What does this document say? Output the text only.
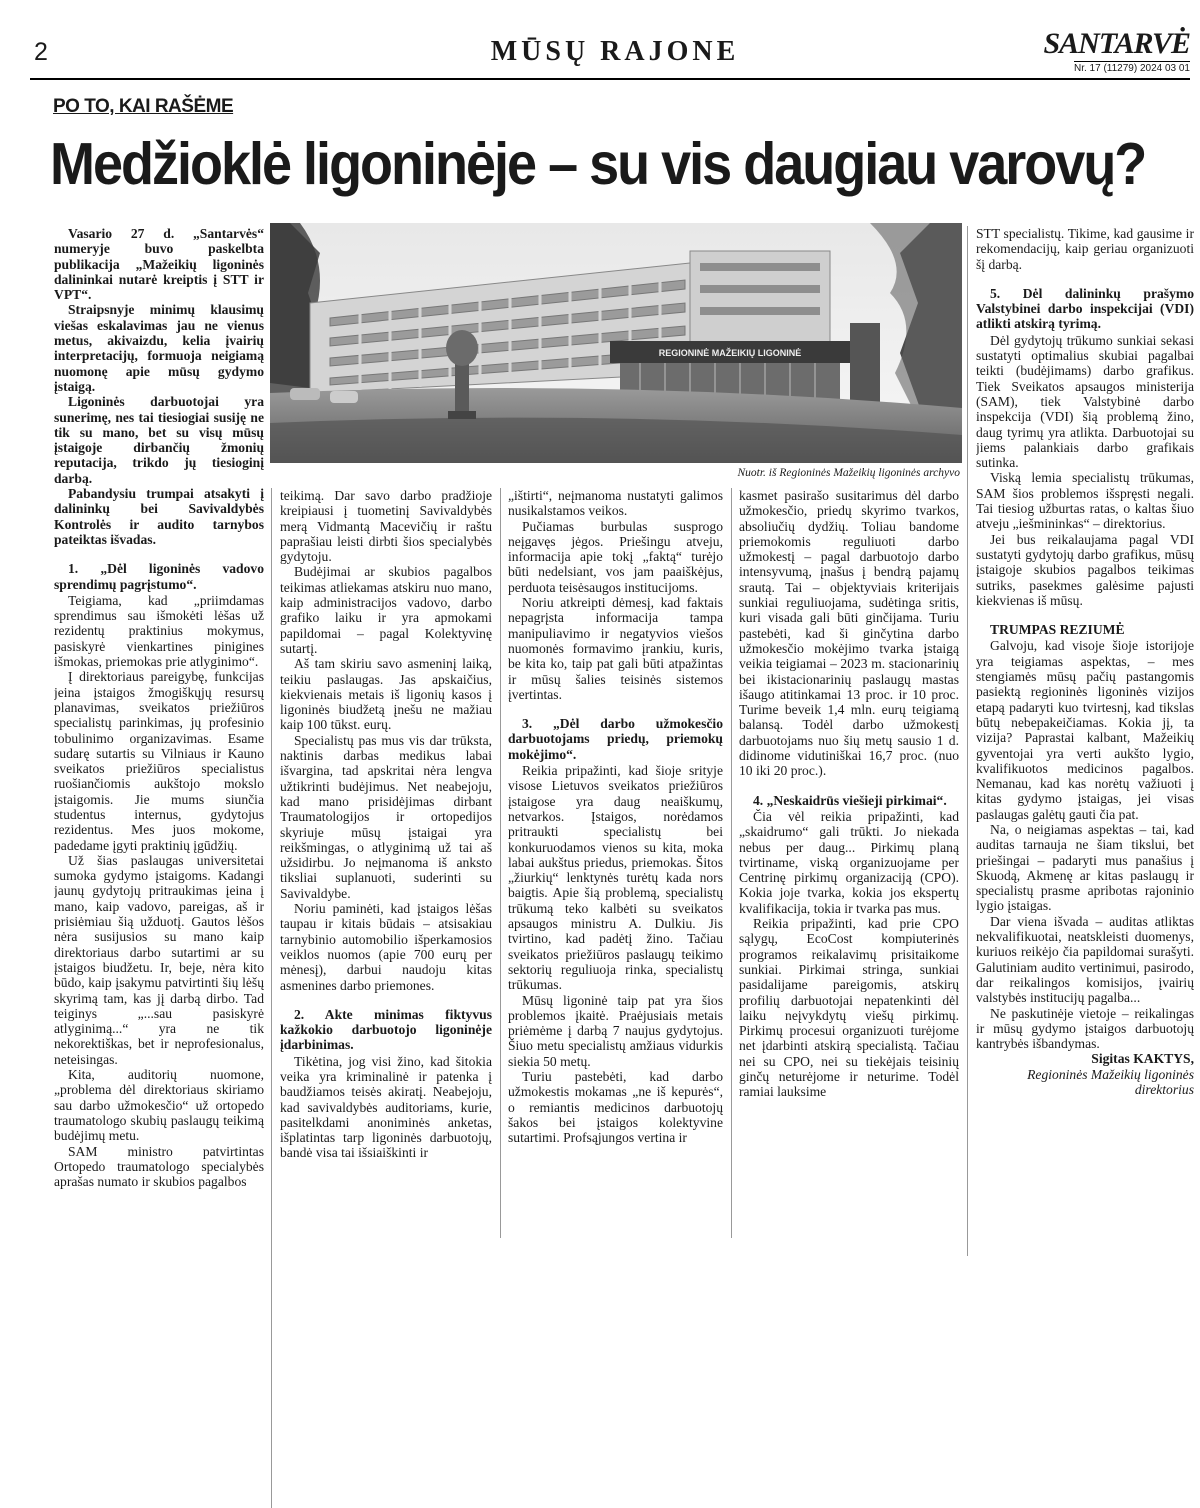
2	MŪSŲ RAJONE	SANTARVĖ
Nr. 17 (11279) 2024 03 01
PO TO, KAI RAŠĖME
Medžioklė ligoninėje – su vis daugiau varovų?

Vasario 27 d. „Santarvės“ numeryje buvo paskelbta publikacija „Mažeikių ligoninės dalininkai nutarė kreiptis į STT ir VPT“.

Straipsnyje minimų klausimų viešas eskalavimas jau ne vienus metus, akivaizdu, kelia įvairių interpretacijų, formuoja neigiamą nuomonę apie mūsų gydymo įstaigą.

Ligoninės darbuotojai yra sunerimę, nes tai tiesiogiai susiję ne tik su mano, bet su visų mūsų įstaigoje dirbančių žmonių reputacija, trikdo jų tiesioginį darbą.

Pabandysiu trumpai atsakyti į dalininkų bei Savivaldybės Kontrolės ir audito tarnybos pateiktas išvadas.

1. „Dėl ligoninės vadovo sprendimų pagrįstumo“.

Teigiama, kad „priimdamas sprendimus sau išmokėti lėšas už rezidentų praktinius mokymus, pasiskyrė vienkartines pinigines išmokas, priemokas prie atlyginimo“.

Į direktoriaus pareigybę, funkcijas jeina įstaigos žmogiškųjų resursų planavimas, sveikatos priežiūros specialistų parinkimas, jų profesinio tobulinimo organizavimas. Esame sudarę sutartis su Vilniaus ir Kauno sveikatos priežiūros specialistus ruošiančiomis aukštojo mokslo įstaigomis. Jie mums siunčia studentus internus, gydytojus rezidentus. Mes juos mokome, padedame įgyti praktinių įgūdžių.

Už šias paslaugas universitetai sumoka gydymo įstaigoms. Kadangi jaunų gydytojų pritraukimas įeina į mano, kaip vadovo, pareigas, aš ir prisiėmiau šią užduotį. Gautos lėšos nėra susijusios su mano kaip direktoriaus darbo sutartimi ar su įstaigos biudžetu. Ir, beje, nėra kito būdo, kaip įsakymu patvirtinti šių lėšų skyrimą tam, kas jį darbą dirbo. Tad teiginys „...sau pasiskyrė atlyginimą...“ yra ne tik nekorektiškas, bet ir neprofesionalus, neteisingas.

Kita, auditorių nuomone, „problema dėl direktoriaus skiriamo sau darbo užmokesčio“ už ortopedo traumatologo skubių paslaugų teikimą budėjimų metu.

SAM ministro patvirtintas Ortopedo traumatologo specialybės aprašas numato ir skubios pagalbos

REGIONINĖ MAŽEIKIŲ LIGONINĖ
Nuotr. iš Regioninės Mažeikių ligoninės archyvo

teikimą. Dar savo darbo pradžioje kreipiausi į tuometinį Savivaldybės merą Vidmantą Macevičių ir raštu paprašiau leisti dirbti šios specialybės gydytoju.

Budėjimai ar skubios pagalbos teikimas atliekamas atskiru nuo mano, kaip administracijos vadovo, darbo grafiko laiku ir yra apmokami papildomai – pagal Kolektyvinę sutartį.

Aš tam skiriu savo asmeninį laiką, teikiu paslaugas. Jas apskaičius, kiekvienais metais iš ligonių kasos į ligoninės biudžetą įnešu ne mažiau kaip 100 tūkst. eurų.

Specialistų pas mus vis dar trūksta, naktinis darbas medikus labai išvargina, tad apskritai nėra lengva užtikrinti budėjimus. Net neabejoju, kad mano prisidėjimas dirbant Traumatologijos ir ortopedijos skyriuje mūsų įstaigai yra reikšmingas, o atlyginimą už tai aš užsidirbu. Jo neįmanoma iš anksto tiksliai suplanuoti, suderinti su Savivaldybe.

Noriu paminėti, kad įstaigos lėšas taupau ir kitais būdais – atsisakiau tarnybinio automobilio išperkamosios veiklos nuomos (apie 700 eurų per mėnesį), darbui naudoju kitas asmenines darbo priemones.

2. Akte minimas fiktyvus kažkokio darbuotojo ligoninėje įdarbinimas.

Tikėtina, jog visi žino, kad šitokia veika yra kriminalinė ir patenka į baudžiamos teisės akiratį. Neabejoju, kad savivaldybės auditoriams, kurie, pasitelkdami anoniminės anketas, išplatintas tarp ligoninės darbuotojų, bandė visa tai išsiaiškinti ir

„ištirti“, neįmanoma nustatyti galimos nusikalstamos veikos.

Pučiamas burbulas susprogo neįgavęs jėgos. Priešingu atveju, informacija apie tokį „faktą“ turėjo būti nedelsiant, vos jam paaiškėjus, perduota teisėsaugos institucijoms.

Noriu atkreipti dėmesį, kad faktais nepagrįsta informacija tampa manipuliavimo ir negatyvios viešos nuomonės formavimo įrankiu, kuris, be kita ko, taip pat gali būti atpažintas ir mūsų šalies teisinės sistemos įvertintas.

3. „Dėl darbo užmokesčio darbuotojams priedų, priemokų mokėjimo“.

Reikia pripažinti, kad šioje srityje visose Lietuvos sveikatos priežiūros įstaigose yra daug neaiškumų, netvarkos. Įstaigos, norėdamos pritraukti specialistų bei konkuruodamos vienos su kita, moka labai aukštus priedus, priemokas. Šitos „žiurkių“ lenktynės turėtų kada nors baigtis. Apie šią problemą, specialistų trūkumą teko kalbėti su sveikatos apsaugos ministru A. Dulkiu. Jis tvirtino, kad padėtį žino. Tačiau sveikatos priežiūros paslaugų teikimo sektorių reguliuoja rinka, specialistų trūkumas.

Mūsų ligoninė taip pat yra šios problemos įkaitė. Praėjusiais metais priėmėme į darbą 7 naujus gydytojus. Šiuo metu specialistų amžiaus vidurkis siekia 50 metų.

Turiu pastebėti, kad darbo užmokestis mokamas „ne iš kepurės“, o remiantis medicinos darbuotojų šakos bei įstaigos kolektyvine sutartimi. Profsąjungos vertina ir

kasmet pasirašo susitarimus dėl darbo užmokesčio, priedų skyrimo tvarkos, absoliučių dydžių. Toliau bandome priemokomis reguliuoti darbo užmokestį – pagal darbuotojo darbo intensyvumą, įnašus į bendrą pajamų srautą. Tai – objektyviais kriterijais sunkiai reguliuojama, sudėtinga sritis, kuri visada gali būti ginčijama. Turiu pastebėti, kad ši ginčytina darbo užmokesčio mokėjimo tvarka įstaigą veikia teigiamai – 2023 m. stacionarinių bei ikistacionarinių paslaugų mastas išaugo atitinkamai 13 proc. ir 10 proc. Turime beveik 1,4 mln. eurų teigiamą balansą. Todėl darbo užmokestį darbuotojams nuo šių metų sausio 1 d. didinome vidutiniškai 16,7 proc. (nuo 10 iki 20 proc.).

4. „Neskaidrūs viešieji pirkimai“.

Čia vėl reikia pripažinti, kad „skaidrumo“ gali trūkti. Jo niekada nebus per daug... Pirkimų planą tvirtiname, viską organizuojame per Centrinę pirkimų organizaciją (CPO). Kokia joje tvarka, kokia jos ekspertų kvalifikacija, tokia ir tvarka pas mus.

Reikia pripažinti, kad prie CPO sąlygų, EcoCost kompiuterinės programos reikalavimų prisitaikome sunkiai. Pirkimai stringa, sunkiai pasidalijame pareigomis, atskirų profilių darbuotojai nepatenkinti dėl laiku neįvykdytų viešų pirkimų. Pirkimų procesui organizuoti turėjome net įdarbinti atskirą specialistą. Tačiau nei su CPO, nei su tiekėjais teisinių ginčų neturėjome ir neturime. Todėl ramiai lauksime

STT specialistų. Tikime, kad gausime ir rekomendacijų, kaip geriau organizuoti šį darbą.

5. Dėl dalininkų prašymo Valstybinei darbo inspekcijai (VDI) atlikti atskirą tyrimą.

Dėl gydytojų trūkumo sunkiai sekasi sustatyti optimalius skubiai pagalbai teikti (budėjimams) darbo grafikus. Tiek Sveikatos apsaugos ministerija (SAM), tiek Valstybinė darbo inspekcija (VDI) šią problemą žino, daug tyrimų yra atlikta. Darbuotojai su jiems palankiais darbo grafikais sutinka.

Viską lemia specialistų trūkumas, SAM šios problemos išspręsti negali. Tai tiesiog užburtas ratas, o kaltas šiuo atveju „iešmininkas“ – direktorius.

Jei bus reikalaujama pagal VDI sustatyti gydytojų darbo grafikus, mūsų įstaigoje skubios pagalbos teikimas sutriks, pasekmes galėsime pajusti kiekvienas iš mūsų.

TRUMPAS REZIUMĖ

Galvoju, kad visoje šioje istorijoje yra teigiamas aspektas, – mes stengiamės mūsų pačių pastangomis pasiektą regioninės ligoninės vizijos etapą padaryti kuo tvirtesnį, kad tikslas būtų nebepakeičiamas. Kokia jį, ta vizija? Paprastai kalbant, Mažeikių gyventojai yra verti aukšto lygio, kvalifikuotos medicinos pagalbos. Nemanau, kad kas norėtų važiuoti į kitas gydymo įstaigas, jei visas paslaugas galėtų gauti čia pat.

Na, o neigiamas aspektas – tai, kad auditas tarnauja ne šiam tikslui, bet priešingai – padaryti mus panašius į Skuodą, Akmenę ar kitas paslaugų ir specialistų prasme apribotas rajoninio lygio įstaigas.

Dar viena išvada – auditas atliktas nekvalifikuotai, neatskleisti duomenys, kuriuos reikėjo čia papildomai surašyti. Galutiniam audito vertinimui, pasirodo, dar reikalingos komisijos, įvairių valstybės institucijų pagalba...

Ne paskutinėje vietoje – reikalingas ir mūsų gydymo įstaigos darbuotojų kantrybės išbandymas.

Sigitas KAKTYS,

Regioninės Mažeikių ligoninės direktorius
